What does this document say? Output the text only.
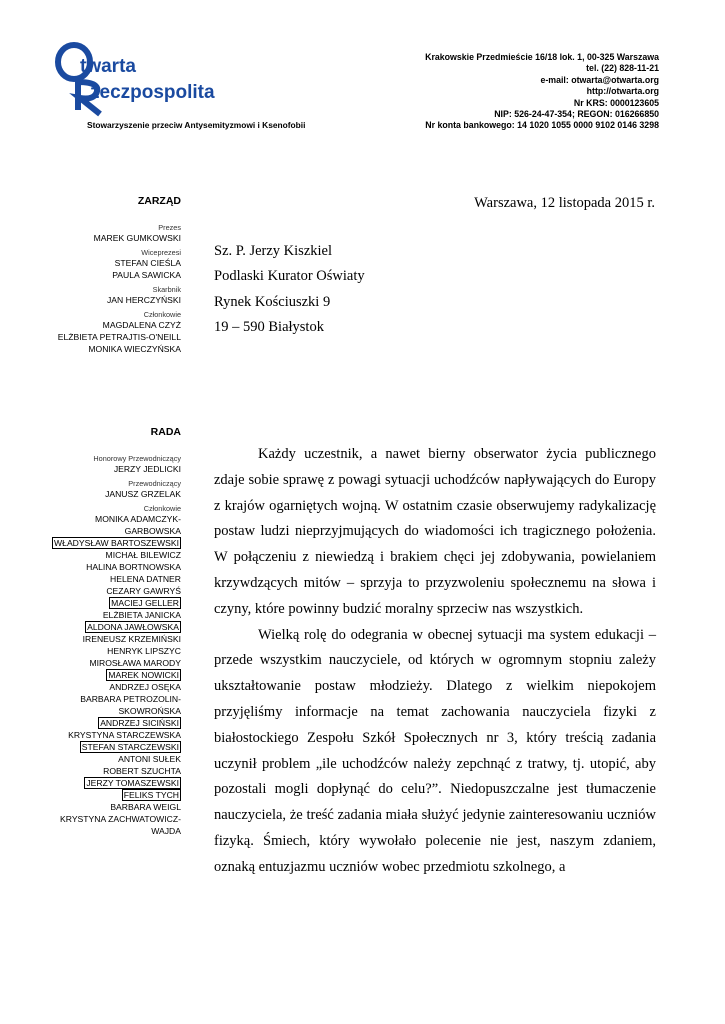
twarta
zeczpospolita
Stowarzyszenie przeciw Antysemityzmowi i Ksenofobii
Krakowskie Przedmieście 16/18 lok. 1, 00-325 Warszawa
tel. (22) 828-11-21
e-mail: otwarta@otwarta.org
http://otwarta.org
Nr KRS: 0000123605
NIP: 526-24-47-354; REGON: 016266850
Nr konta bankowego: 14 1020 1055 0000 9102 0146 3298
ZARZĄD
Prezes
MAREK GUMKOWSKI
Wiceprezesi
STEFAN CIEŚLA
PAULA SAWICKA
Skarbnik
JAN HERCZYŃSKI
Członkowie
MAGDALENA CZYŻ
ELŻBIETA PETRAJTIS-O'NEILL
MONIKA WIECZYŃSKA
RADA
Honorowy Przewodniczący
JERZY JEDLICKI
Przewodniczący
JANUSZ GRZELAK
Członkowie
MONIKA ADAMCZYK-
GARBOWSKA
WŁADYSŁAW BARTOSZEWSKI
MICHAŁ BILEWICZ
HALINA BORTNOWSKA
HELENA DATNER
CEZARY GAWRYŚ
MACIEJ GELLER
ELŻBIETA JANICKA
ALDONA JAWŁOWSKA
IRENEUSZ KRZEMIŃSKI
HENRYK LIPSZYC
MIROSŁAWA MARODY
MAREK NOWICKI
ANDRZEJ OSĘKA
BARBARA PETROZOLIN-
SKOWROŃSKA
ANDRZEJ SICIŃSKI
KRYSTYNA STARCZEWSKA
STEFAN STARCZEWSKI
ANTONI SUŁEK
ROBERT SZUCHTA
JERZY TOMASZEWSKI
FELIKS TYCH
BARBARA WEIGL
KRYSTYNA ZACHWATOWICZ-
WAJDA
Warszawa, 12 listopada 2015 r.
Sz. P. Jerzy Kiszkiel
Podlaski Kurator Oświaty
Rynek Kościuszki 9
19 – 590 Białystok

Każdy uczestnik, a nawet bierny obserwator życia publicznego zdaje sobie sprawę z powagi sytuacji uchodźców napływających do Europy z krajów ogarniętych wojną. W ostatnim czasie obserwujemy radykalizację postaw ludzi nieprzyjmujących do wiadomości ich tragicznego położenia. W połączeniu z niewiedzą i brakiem chęci jej zdobywania, powielaniem krzywdzących mitów – sprzyja to przyzwoleniu społecznemu na słowa i czyny, które powinny budzić moralny sprzeciw nas wszystkich.

Wielką rolę do odegrania w obecnej sytuacji ma system edukacji – przede wszystkim nauczyciele, od których w ogromnym stopniu zależy ukształtowanie postaw młodzieży. Dlatego z wielkim niepokojem przyjęliśmy informacje na temat zachowania nauczyciela fizyki z białostockiego Zespołu Szkół Społecznych nr 3, który treścią zadania uczynił problem „ile uchodźców należy zepchnąć z tratwy, tj. utopić, aby pozostali mogli dopłynąć do celu?”. Niedopuszczalne jest tłumaczenie nauczyciela, że treść zadania miała służyć jedynie zainteresowaniu uczniów fizyką. Śmiech, który wywołało polecenie nie jest, naszym zdaniem, oznaką entuzjazmu uczniów wobec przedmiotu szkolnego, a
